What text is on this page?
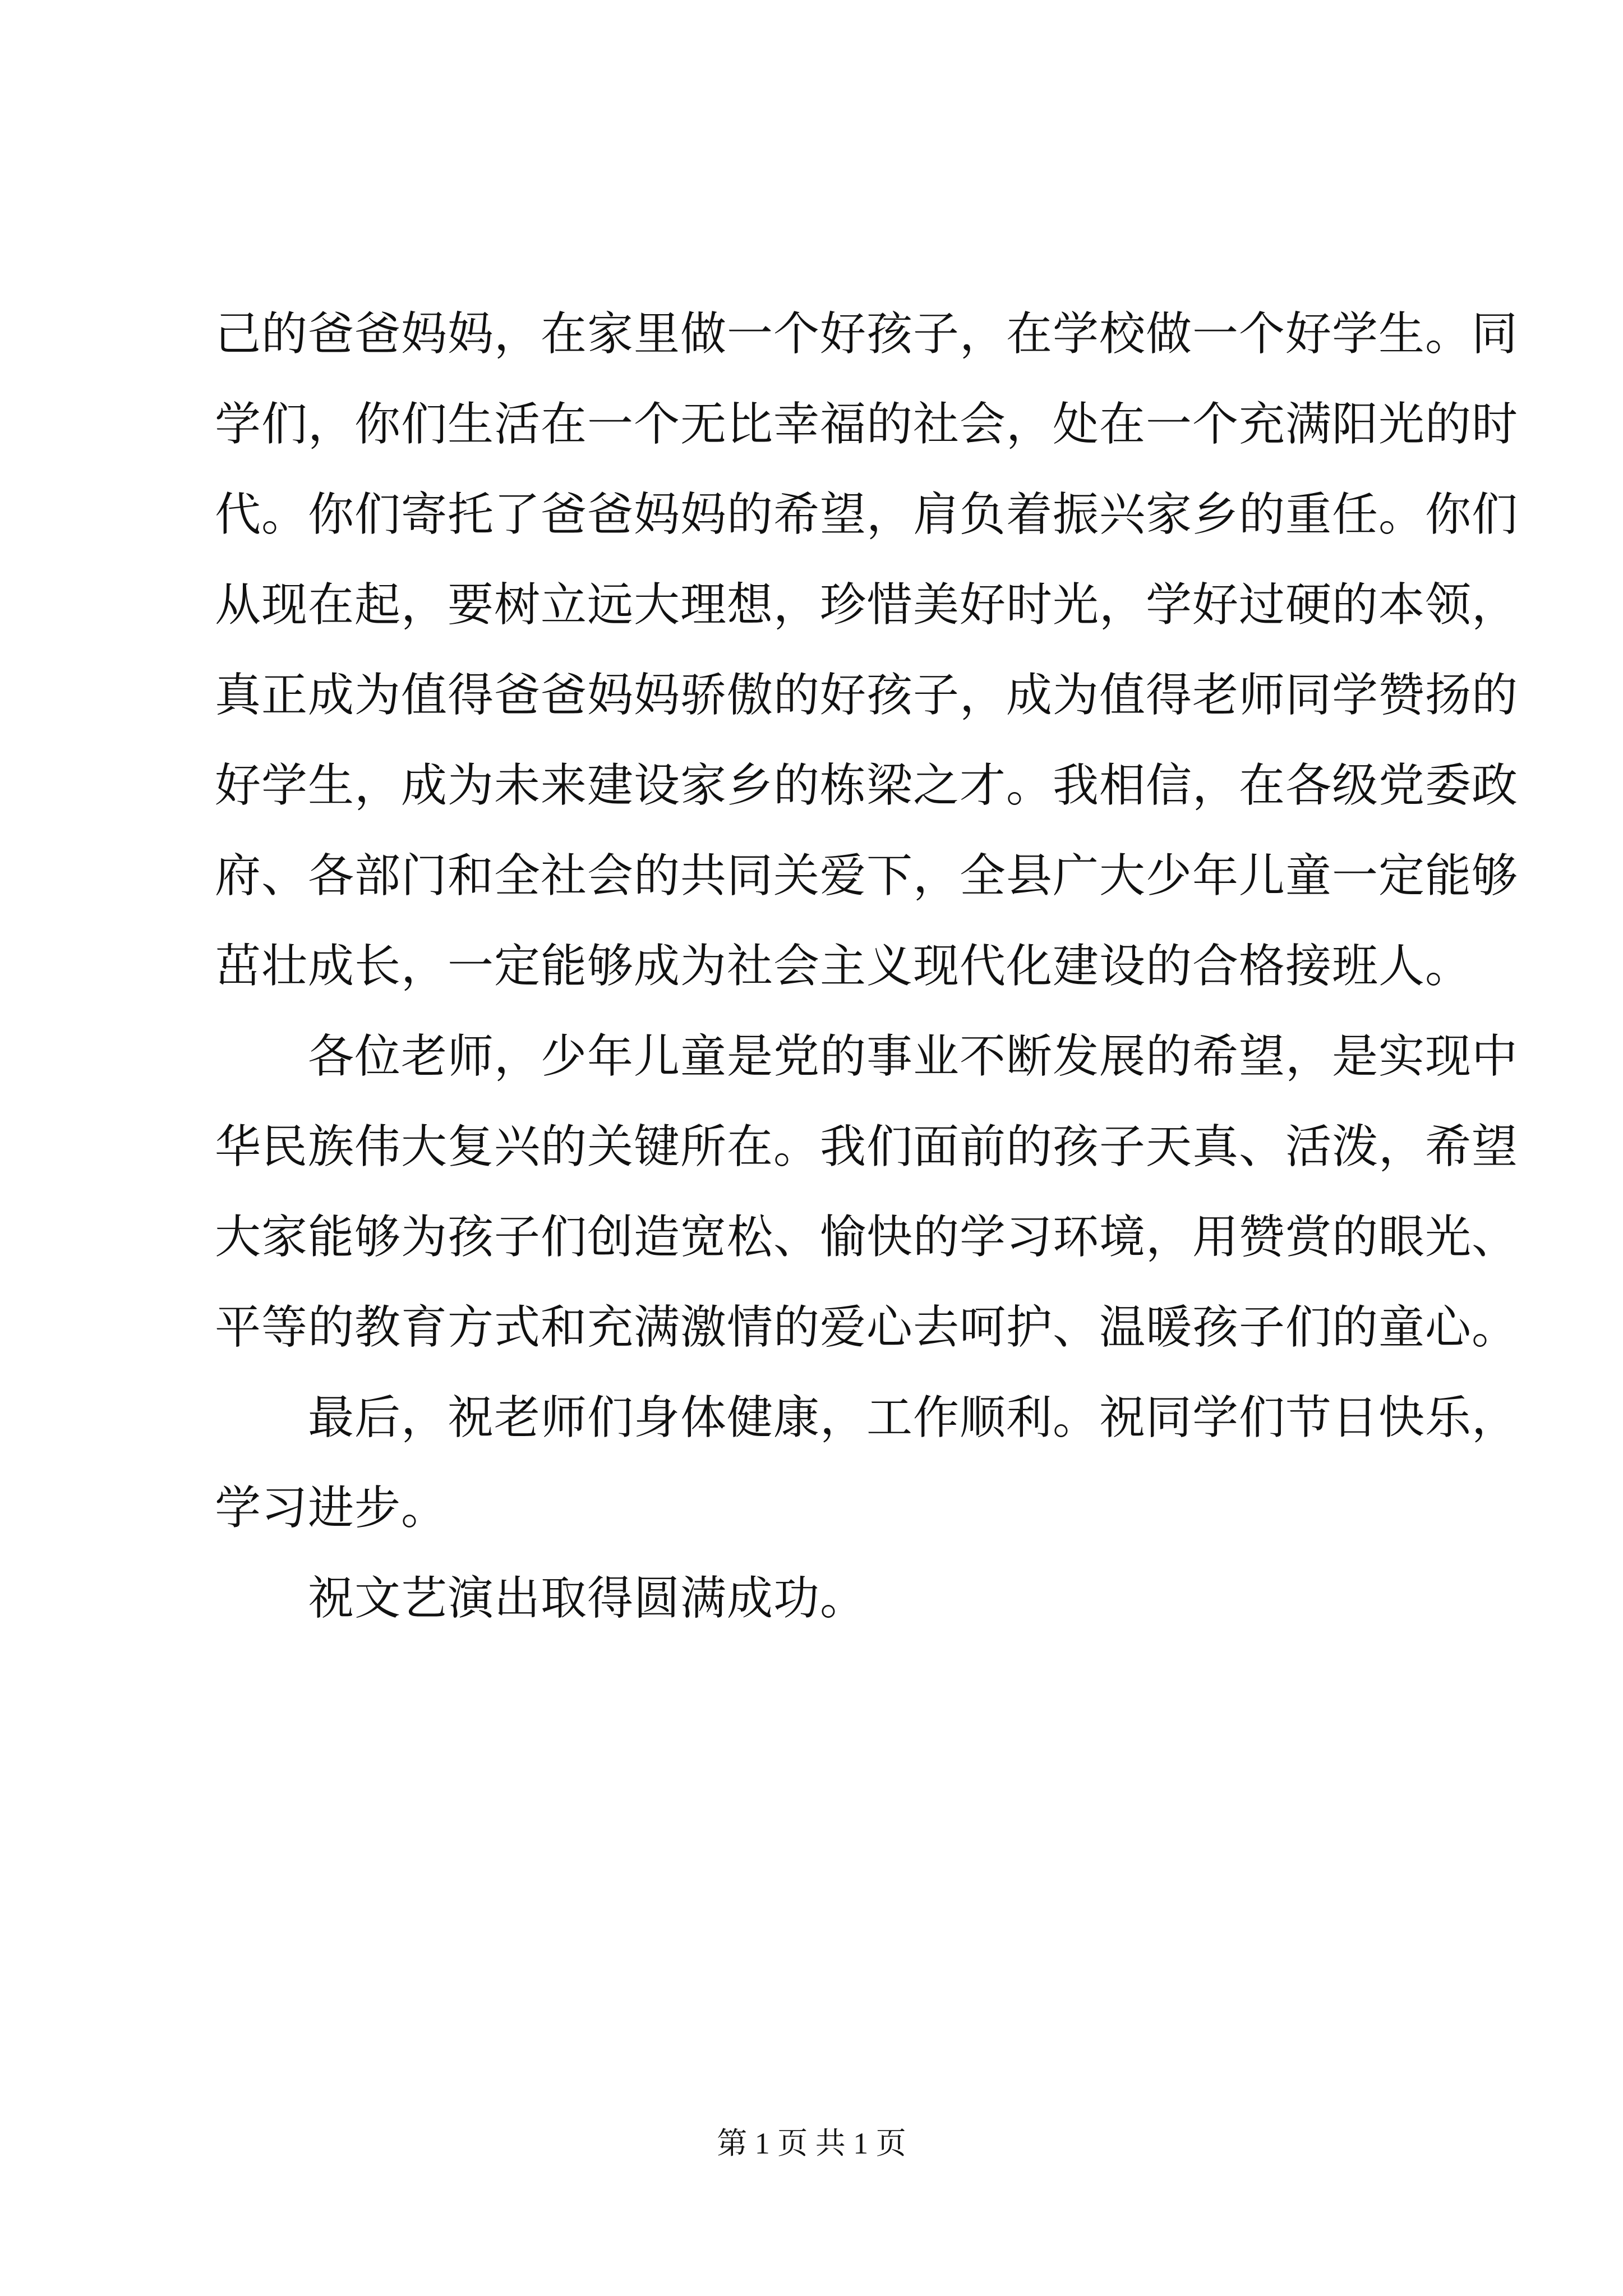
己的爸爸妈妈，在家里做一个好孩子，在学校做一个好学生。同
学们，你们生活在一个无比幸福的社会，处在一个充满阳光的时
代。你们寄托了爸爸妈妈的希望，肩负着振兴家乡的重任。你们
从现在起，要树立远大理想，珍惜美好时光，学好过硬的本领，
真正成为值得爸爸妈妈骄傲的好孩子，成为值得老师同学赞扬的
好学生，成为未来建设家乡的栋梁之才。我相信，在各级党委政
府、各部门和全社会的共同关爱下，全县广大少年儿童一定能够
茁壮成长，一定能够成为社会主义现代化建设的合格接班人。
各位老师，少年儿童是党的事业不断发展的希望，是实现中
华民族伟大复兴的关键所在。我们面前的孩子天真、活泼，希望
大家能够为孩子们创造宽松、愉快的学习环境，用赞赏的眼光、
平等的教育方式和充满激情的爱心去呵护、温暖孩子们的童心。
最后，祝老师们身体健康，工作顺利。祝同学们节日快乐，
学习进步。
祝文艺演出取得圆满成功。
第 1 页 共 1 页
